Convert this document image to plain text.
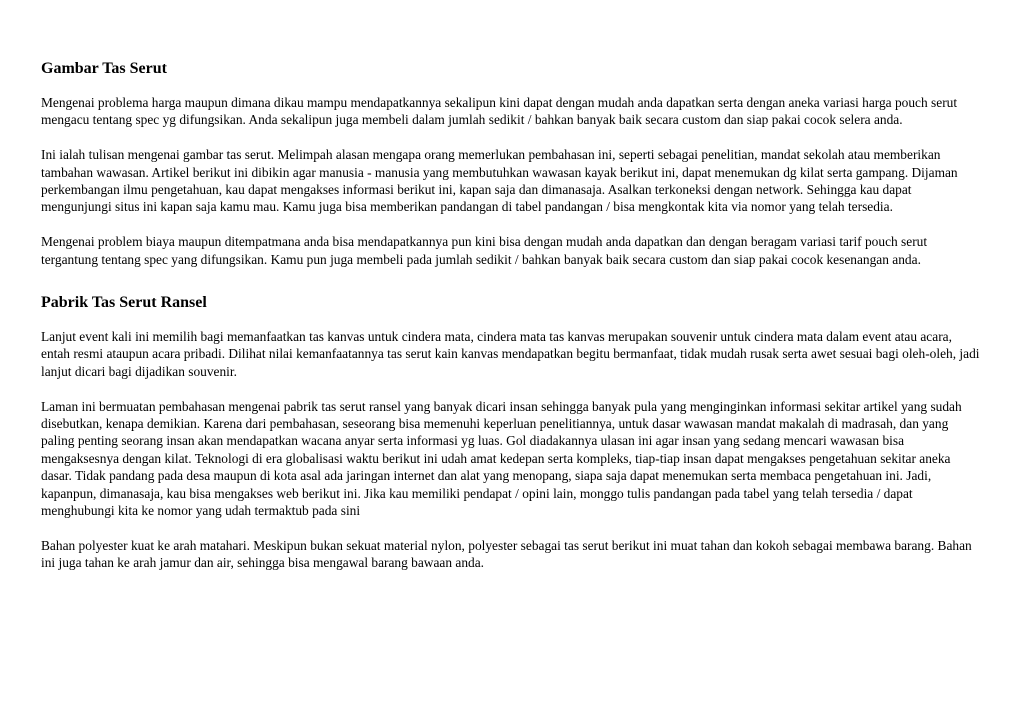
Gambar Tas Serut

Mengenai problema harga maupun dimana dikau mampu mendapatkannya sekalipun kini dapat dengan mudah anda dapatkan serta dengan aneka variasi harga pouch serut mengacu tentang spec yg difungsikan. Anda sekalipun juga membeli dalam jumlah sedikit / bahkan banyak baik secara custom dan siap pakai cocok selera anda.

Ini ialah tulisan mengenai gambar tas serut. Melimpah alasan mengapa orang memerlukan pembahasan ini, seperti sebagai penelitian, mandat sekolah atau memberikan tambahan wawasan. Artikel berikut ini dibikin agar manusia - manusia yang membutuhkan wawasan kayak berikut ini, dapat menemukan dg kilat serta gampang. Dijaman perkembangan ilmu pengetahuan, kau dapat mengakses informasi berikut ini, kapan saja dan dimanasaja. Asalkan terkoneksi dengan network. Sehingga kau dapat mengunjungi situs ini kapan saja kamu mau. Kamu juga bisa memberikan pandangan di tabel pandangan / bisa mengkontak kita via nomor yang telah tersedia.

Mengenai problem biaya maupun ditempatmana anda bisa mendapatkannya pun kini bisa dengan mudah anda dapatkan dan dengan beragam variasi tarif pouch serut tergantung tentang spec yang difungsikan. Kamu pun juga membeli pada jumlah sedikit / bahkan banyak baik secara custom dan siap pakai cocok kesenangan anda.

Pabrik Tas Serut Ransel

Lanjut event kali ini memilih bagi memanfaatkan tas kanvas untuk cindera mata, cindera mata tas kanvas merupakan souvenir untuk cindera mata dalam event atau acara, entah resmi ataupun acara pribadi. Dilihat nilai kemanfaatannya tas serut kain kanvas mendapatkan begitu bermanfaat, tidak mudah rusak serta awet sesuai bagi oleh-oleh, jadi lanjut dicari bagi dijadikan souvenir.

Laman ini bermuatan pembahasan mengenai pabrik tas serut ransel yang banyak dicari insan sehingga banyak pula yang menginginkan informasi sekitar artikel yang sudah disebutkan, kenapa demikian. Karena dari pembahasan, seseorang bisa memenuhi keperluan penelitiannya, untuk dasar wawasan mandat makalah di madrasah, dan yang paling penting seorang insan akan mendapatkan wacana anyar serta informasi yg luas. Gol diadakannya ulasan ini agar insan yang sedang mencari wawasan bisa mengaksesnya dengan kilat. Teknologi di era globalisasi waktu berikut ini udah amat kedepan serta kompleks, tiap-tiap insan dapat mengakses pengetahuan sekitar aneka dasar. Tidak pandang pada desa maupun di kota asal ada jaringan internet dan alat yang menopang, siapa saja dapat menemukan serta membaca pengetahuan ini. Jadi, kapanpun, dimanasaja, kau bisa mengakses web berikut ini. Jika kau memiliki pendapat / opini lain, monggo tulis pandangan pada tabel yang telah tersedia / dapat menghubungi kita ke nomor yang udah termaktub pada sini

Bahan polyester kuat ke arah matahari. Meskipun bukan sekuat material nylon, polyester sebagai tas serut berikut ini muat tahan dan kokoh sebagai membawa barang. Bahan ini juga tahan ke arah jamur dan air, sehingga bisa mengawal barang bawaan anda.
